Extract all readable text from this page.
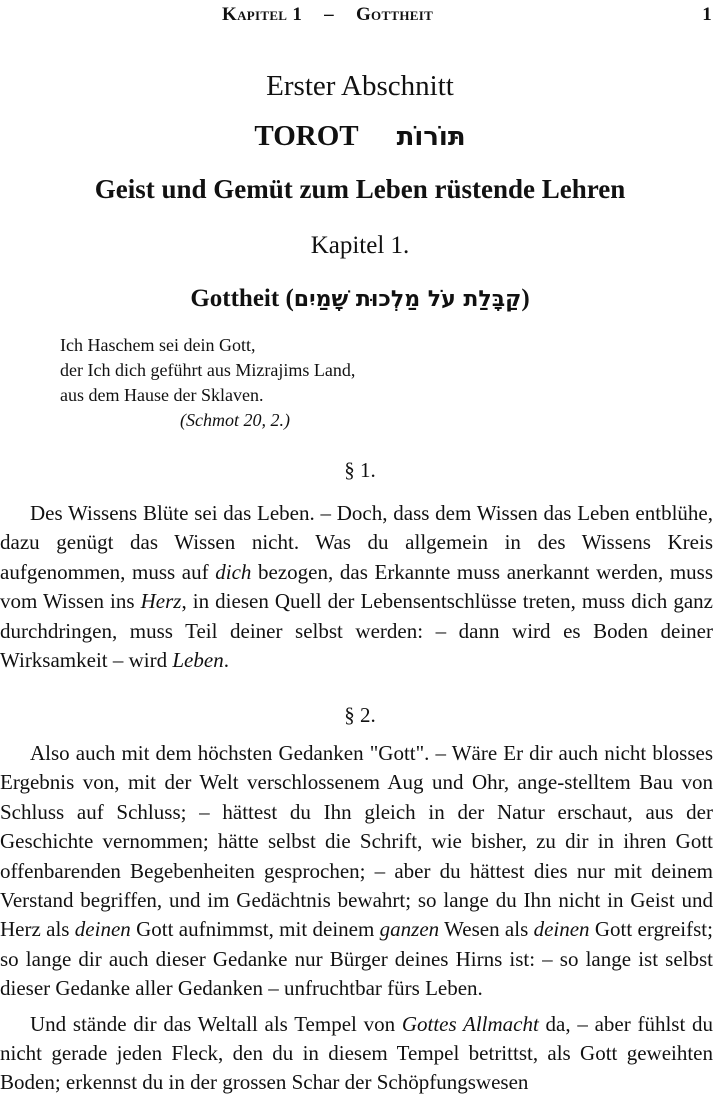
Kapitel 1 – Gottheit	1
Erster Abschnitt
TOROT תּוֹרוֹת
Geist und Gemüt zum Leben rüstende Lehren
Kapitel 1.
Gottheit (קַבָּלַת עֹל מַלְכוּת שָׁמַיִם)
Ich Haschem sei dein Gott,
der Ich dich geführt aus Mizrajims Land,
aus dem Hause der Sklaven.
(Schmot 20, 2.)
§ 1.

Des Wissens Blüte sei das Leben. – Doch, dass dem Wissen das Leben entblühe, dazu genügt das Wissen nicht. Was du allgemein in des Wissens Kreis aufgenommen, muss auf dich bezogen, das Erkannte muss anerkannt werden, muss vom Wissen ins Herz, in diesen Quell der Lebensentschlüsse treten, muss dich ganz durchdringen, muss Teil deiner selbst werden: – dann wird es Boden deiner Wirksamkeit – wird Leben.

§ 2.

Also auch mit dem höchsten Gedanken "Gott". – Wäre Er dir auch nicht blosses Ergebnis von, mit der Welt verschlossenem Aug und Ohr, ange-stelltem Bau von Schluss auf Schluss; – hättest du Ihn gleich in der Natur erschaut, aus der Geschichte vernommen; hätte selbst die Schrift, wie bisher, zu dir in ihren Gott offenbarenden Begebenheiten gesprochen; – aber du hättest dies nur mit deinem Verstand begriffen, und im Gedächtnis bewahrt; so lange du Ihn nicht in Geist und Herz als deinen Gott aufnimmst, mit deinem ganzen Wesen als deinen Gott ergreifst; so lange dir auch dieser Gedanke nur Bürger deines Hirns ist: – so lange ist selbst dieser Gedanke aller Gedanken – unfruchtbar fürs Leben.

Und stände dir das Weltall als Tempel von Gottes Allmacht da, – aber fühlst du nicht gerade jeden Fleck, den du in diesem Tempel betrittst, als Gott geweihten Boden; erkennst du in der grossen Schar der Schöpfungswesen
